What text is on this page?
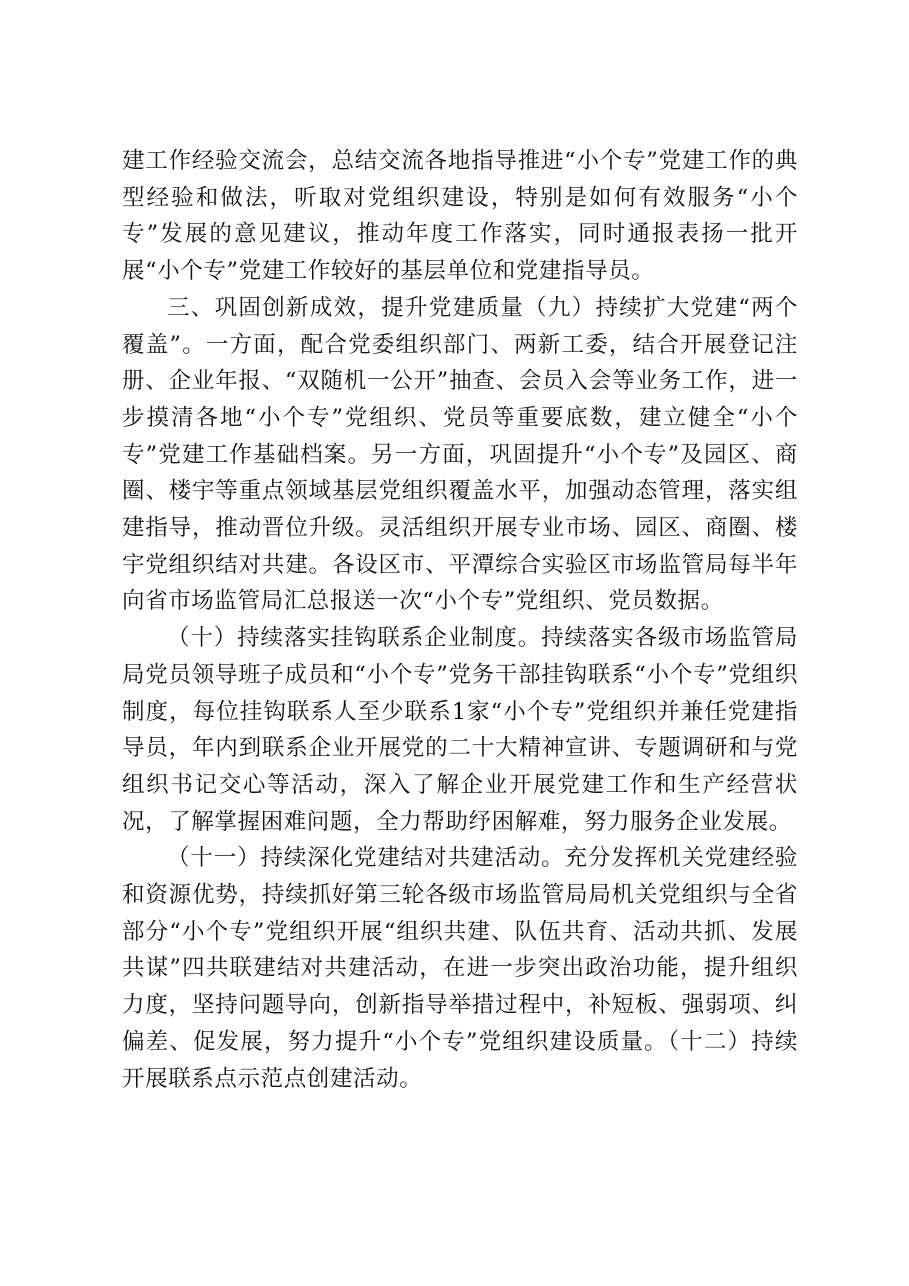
建工作经验交流会，总结交流各地指导推进“小个专”党建工作的典型经验和做法，听取对党组织建设，特别是如何有效服务“小个专”发展的意见建议，推动年度工作落实，同时通报表扬一批开展“小个专”党建工作较好的基层单位和党建指导员。

三、巩固创新成效，提升党建质量（九）持续扩大党建“两个覆盖”。一方面，配合党委组织部门、两新工委，结合开展登记注册、企业年报、“双随机一公开”抽查、会员入会等业务工作，进一步摸清各地“小个专”党组织、党员等重要底数，建立健全“小个专”党建工作基础档案。另一方面，巩固提升“小个专”及园区、商圈、楼宇等重点领域基层党组织覆盖水平，加强动态管理，落实组建指导，推动晋位升级。灵活组织开展专业市场、园区、商圈、楼宇党组织结对共建。各设区市、平潭综合实验区市场监管局每半年向省市场监管局汇总报送一次“小个专”党组织、党员数据。

（十）持续落实挂钩联系企业制度。持续落实各级市场监管局局党员领导班子成员和“小个专”党务干部挂钩联系“小个专”党组织制度，每位挂钩联系人至少联系1家“小个专”党组织并兼任党建指导员，年内到联系企业开展党的二十大精神宣讲、专题调研和与党组织书记交心等活动，深入了解企业开展党建工作和生产经营状况，了解掌握困难问题，全力帮助纾困解难，努力服务企业发展。

（十一）持续深化党建结对共建活动。充分发挥机关党建经验和资源优势，持续抓好第三轮各级市场监管局局机关党组织与全省部分“小个专”党组织开展“组织共建、队伍共育、活动共抓、发展共谋”四共联建结对共建活动，在进一步突出政治功能，提升组织力度，坚持问题导向，创新指导举措过程中，补短板、强弱项、纠偏差、促发展，努力提升“小个专”党组织建设质量。（十二）持续开展联系点示范点创建活动。
